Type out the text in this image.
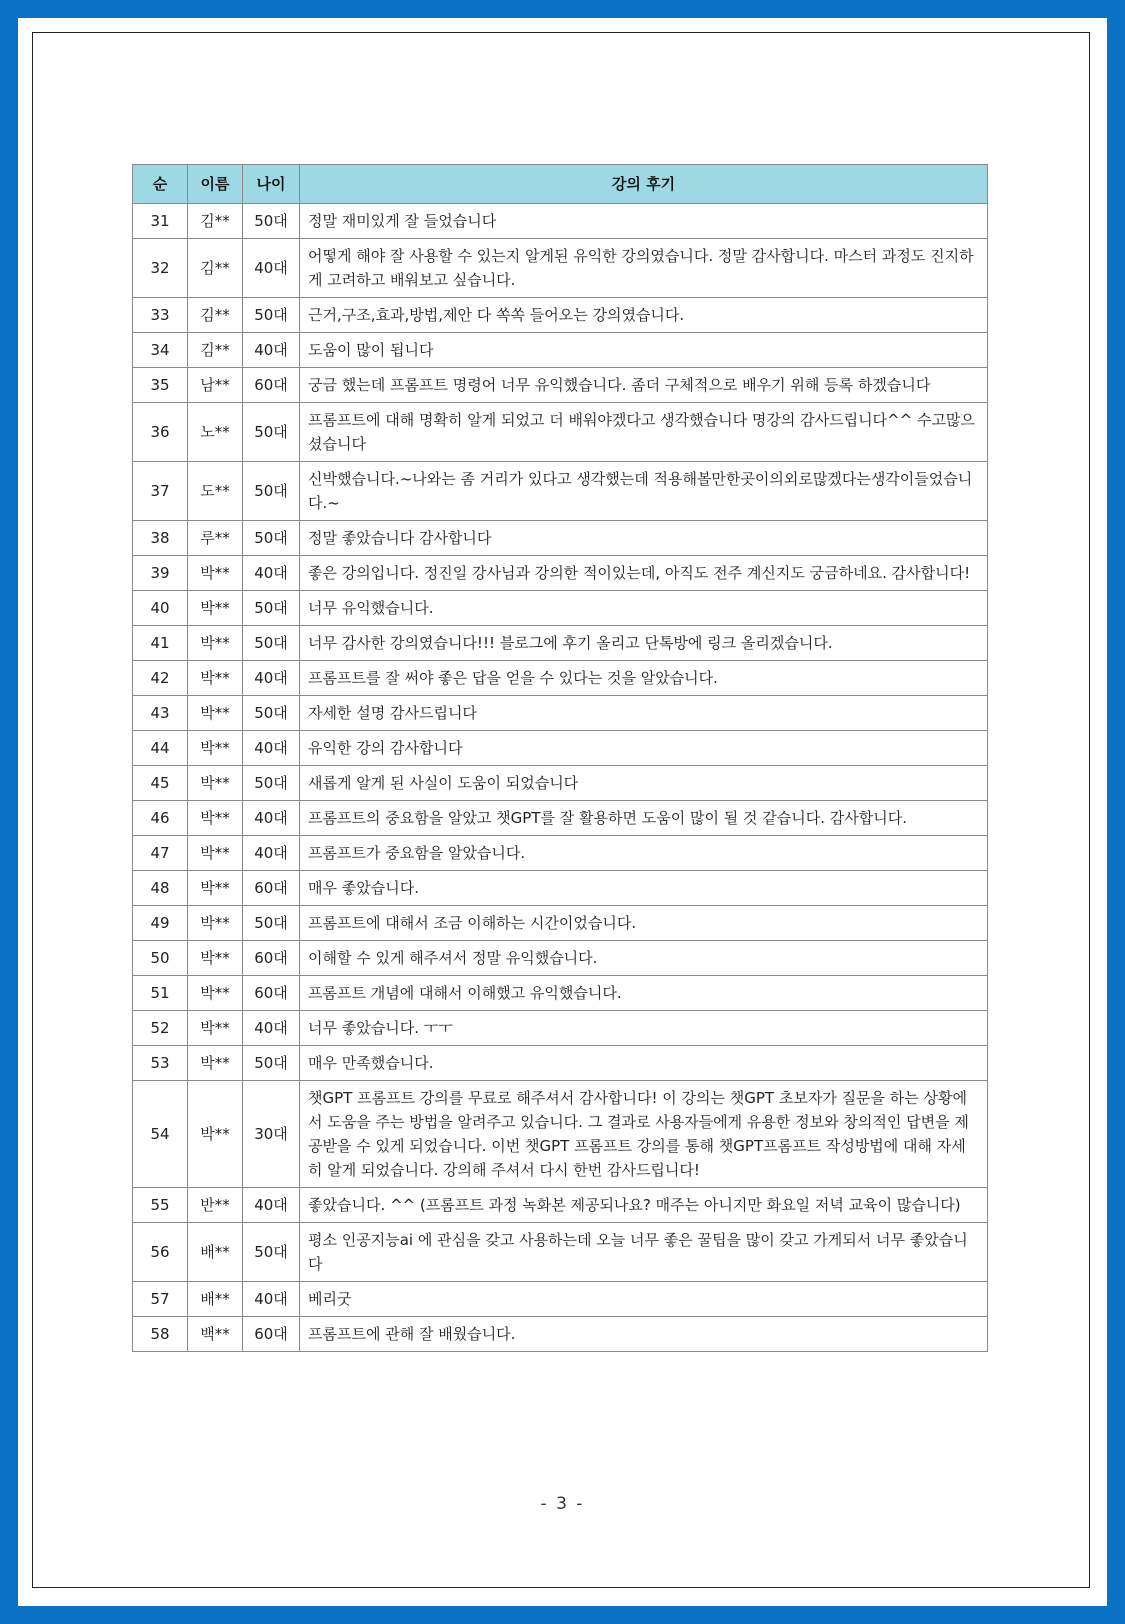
순	이름	나이	강의 후기
31	김**	50대	정말 재미있게 잘 들었습니다
32	김**	40대	어떻게 해야 잘 사용할 수 있는지 알게된 유익한 강의였습니다. 정말 감사합니다. 마스터 과정도 진지하게 고려하고 배워보고 싶습니다.
33	김**	50대	근거,구조,효과,방법,제안 다 쏙쏙 들어오는 강의였습니다.
34	김**	40대	도움이 많이 됩니다
35	남**	60대	궁금 했는데 프롬프트 명령어 너무 유익했습니다. 좀더 구체적으로 배우기 위해 등록 하겠습니다
36	노**	50대	프롬프트에 대해 명확히 알게 되었고 더 배워야겠다고 생각했습니다 명강의 감사드립니다^^ 수고많으셨습니다
37	도**	50대	신박했습니다.~나와는 좀 거리가 있다고 생각했는데 적용해볼만한곳이의외로많겠다는생각이들었습니다.~
38	루**	50대	정말 좋았습니다 감사합니다
39	박**	40대	좋은 강의입니다. 정진일 강사님과 강의한 적이있는데, 아직도 전주 계신지도 궁금하네요. 감사합니다!
40	박**	50대	너무 유익했습니다.
41	박**	50대	너무 감사한 강의였습니다!!! 블로그에 후기 올리고 단톡방에 링크 올리겠습니다.
42	박**	40대	프롬프트를 잘 써야 좋은 답을 얻을 수 있다는 것을 알았습니다.
43	박**	50대	자세한 설명 감사드립니다
44	박**	40대	유익한 강의 감사합니다
45	박**	50대	새롭게 알게 된 사실이 도움이 되었습니다
46	박**	40대	프롬프트의 중요함을 알았고 챗GPT를 잘 활용하면 도움이 많이 될 것 같습니다. 감사합니다.
47	박**	40대	프롬프트가 중요함을 알았습니다.
48	박**	60대	매우 좋았습니다.
49	박**	50대	프롬프트에 대해서 조금 이해하는 시간이었습니다.
50	박**	60대	이해할 수 있게 해주셔서 정말 유익했습니다.
51	박**	60대	프롬프트 개념에 대해서 이해했고 유익했습니다.
52	박**	40대	너무 좋았습니다. ㅜㅜ
53	박**	50대	매우 만족했습니다.
54	박**	30대	챗GPT 프롬프트 강의를 무료로 해주셔서 감사합니다! 이 강의는 챗GPT 초보자가 질문을 하는 상황에서 도움을 주는 방법을 알려주고 있습니다. 그 결과로 사용자들에게 유용한 정보와 창의적인 답변을 제공받을 수 있게 되었습니다. 이번 챗GPT 프롬프트 강의를 통해 챗GPT프롬프트 작성방법에 대해 자세히 알게 되었습니다. 강의해 주셔서 다시 한번 감사드립니다!
55	반**	40대	좋았습니다. ^^ (프롬프트 과정 녹화본 제공되나요? 매주는 아니지만 화요일 저녁 교육이 많습니다)
56	배**	50대	평소 인공지능ai 에 관심을 갖고 사용하는데 오늘 너무 좋은 꿀팁을 많이 갖고 가게되서 너무 좋았습니다
57	배**	40대	베리굿
58	백**	60대	프롬프트에 관해 잘 배웠습니다.
- 3 -
